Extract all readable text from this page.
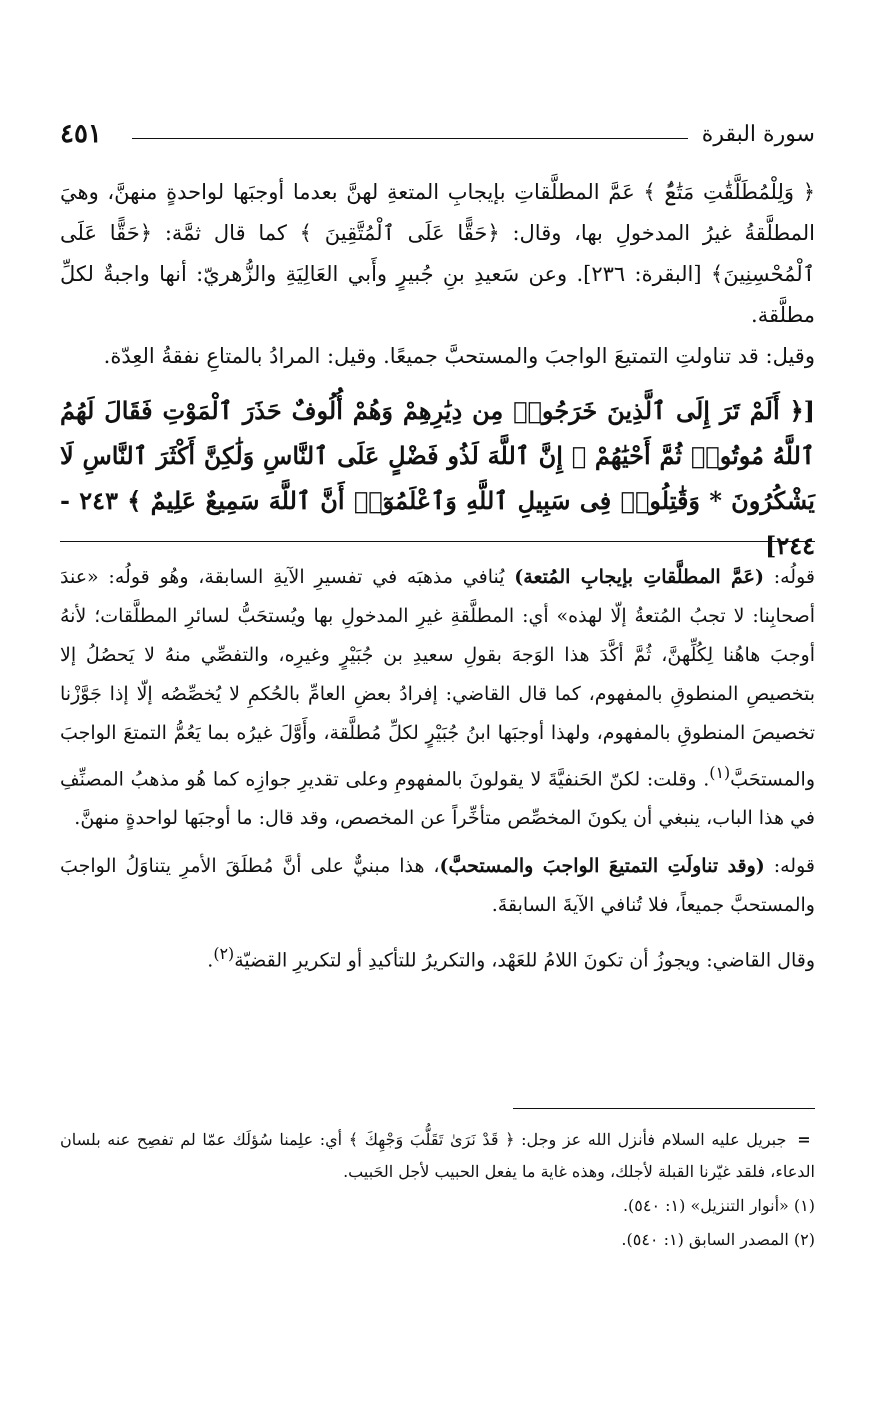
سورة البقرة
٤٥١

﴿ وَلِلْمُطَلَّقَٰتِ مَتَٰعٌۢ ﴾ عَمَّ المطلَّقاتِ بإيجابِ المتعةِ لهنَّ بعدما أوجبَها لواحدةٍ منهنَّ، وهيَ المطلَّقةُ غيرُ المدخولِ بها، وقال: ﴿حَقًّا عَلَى ٱلْمُتَّقِينَ ﴾ كما قال ثمَّة: ﴿حَقًّا عَلَى ٱلْمُحْسِنِينَ﴾ [البقرة: ٢٣٦]. وعن سَعيدِ بنِ جُبيرٍ وأَبي العَالِيَةِ والزُّهريّ: أنها واجبةٌ لكلِّ مطلَّقة.

وقيل: قد تناولتِ التمتيعَ الواجبَ والمستحبَّ جميعًا. وقيل: المرادُ بالمتاعِ نفقةُ العِدّة.

[﴿ أَلَمْ تَرَ إِلَى ٱلَّذِينَ خَرَجُوا۟ مِن دِيَٰرِهِمْ وَهُمْ أُلُوفٌ حَذَرَ ٱلْمَوْتِ فَقَالَ لَهُمُ ٱللَّهُ مُوتُوا۟ ثُمَّ أَحْيَٰهُمْ ۚ إِنَّ ٱللَّهَ لَذُو فَضْلٍ عَلَى ٱلنَّاسِ وَلَٰكِنَّ أَكْثَرَ ٱلنَّاسِ لَا يَشْكُرُونَ * وَقَٰتِلُوا۟ فِى سَبِيلِ ٱللَّهِ وَٱعْلَمُوٓا۟ أَنَّ ٱللَّهَ سَمِيعٌ عَلِيمٌ ﴾ ٢٤٣ - ٢٤٤]

قولُه: (عَمَّ المطلَّقاتِ بإيجابِ المُتعة) يُنافي مذهبَه في تفسيرِ الآيةِ السابقة، وهُو قولُه: «عندَ أصحابِنا: لا تجبُ المُتعةُ إلّا لهذه» أي: المطلَّقةِ غيرِ المدخولِ بها ويُستحَبُّ لسائرِ المطلَّقات؛ لأنهُ أوجبَ هاهُنا لِكُلِّهنَّ، ثُمَّ أكَّدَ هذا الوَجهَ بقولِ سعيدِ بن جُبَيْرٍ وغيرِه، والتفصِّي منهُ لا يَحصُلُ إلا بتخصيصِ المنطوقِ بالمفهوم، كما قال القاضي: إفرادُ بعضِ العامِّ بالحُكمِ لا يُخصِّصُه إلّا إذا جَوَّزْنا تخصيصَ المنطوقِ بالمفهوم، ولهذا أوجبَها ابنُ جُبَيْرٍ لكلِّ مُطلَّقة، وأَوَّلَ غيرُه بما يَعُمُّ التمتعَ الواجبَ والمستحَبَّ$^{(١)}$. وقلت: لكنّ الحَنفيَّةَ لا يقولونَ بالمفهومِ وعلى تقديرِ جوازِه كما هُو مذهبُ المصنِّفِ في هذا الباب، ينبغي أن يكونَ المخصِّص متأخِّراً عن المخصص، وقد قال: ما أوجبَها لواحدةٍ منهنَّ.

قوله: (وقد تناولَتِ التمتيعَ الواجبَ والمستحبَّ)، هذا مبنيٌّ على أنَّ مُطلَقَ الأمرِ يتناوَلُ الواجبَ والمستحبَّ جميعاً، فلا تُنافي الآيةَ السابقةَ.

وقال القاضي: ويجوزُ أن تكونَ اللامُ للعَهْد، والتكريرُ للتأكيدِ أو لتكريرِ القضيّة$^{(٢)}$.

= جبريل عليه السلام فأنزل الله عز وجل: ﴿ قَدْ نَرَىٰ تَقَلُّبَ وَجْهِكَ ﴾ أي: علِمنا سُؤلَك عمّا لم تفصِح عنه بلسان الدعاء، فلقد غيّرنا القبلة لأجلك، وهذه غاية ما يفعل الحبيب لأجل الحَبيب.

(١) «أنوار التنزيل» (١: ٥٤٠).

(٢) المصدر السابق (١: ٥٤٠).
